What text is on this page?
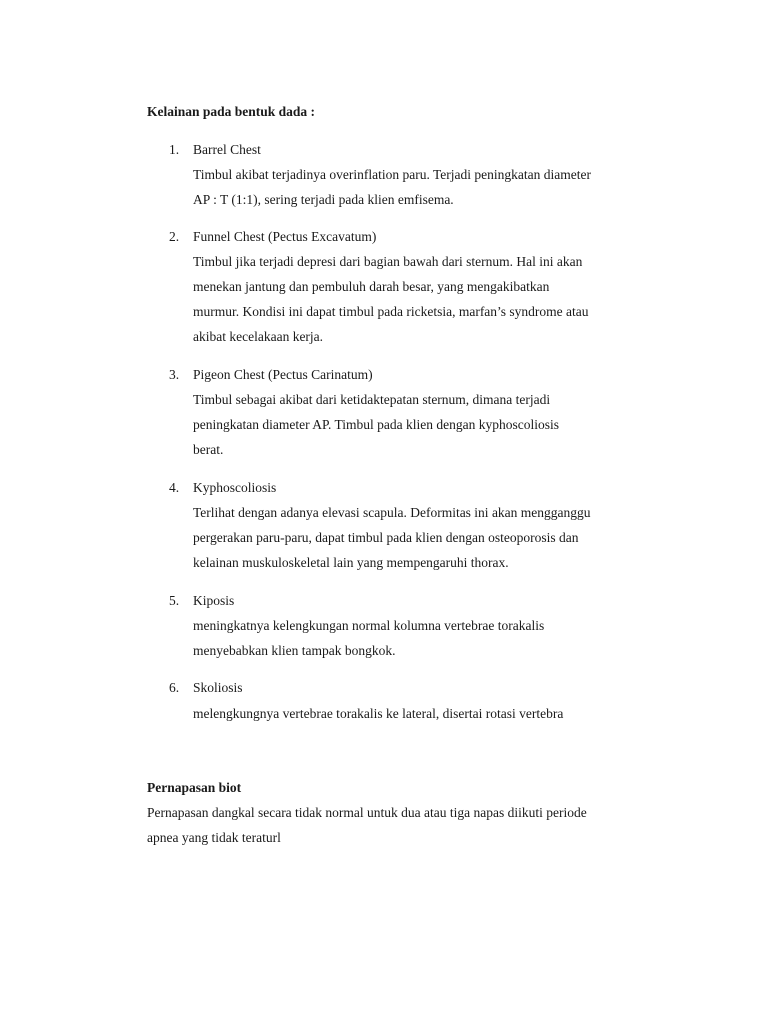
Kelainan pada bentuk dada :
1. Barrel Chest
Timbul akibat terjadinya overinflation paru. Terjadi peningkatan diameter
AP : T (1:1), sering terjadi pada klien emfisema.
2. Funnel Chest (Pectus Excavatum)
Timbul jika terjadi depresi dari bagian bawah dari sternum. Hal ini akan
menekan jantung dan pembuluh darah besar, yang mengakibatkan
murmur. Kondisi ini dapat timbul pada ricketsia, marfan’s syndrome atau
akibat kecelakaan kerja.
3. Pigeon Chest (Pectus Carinatum)
Timbul sebagai akibat dari ketidaktepatan sternum, dimana terjadi
peningkatan diameter AP. Timbul pada klien dengan kyphoscoliosis
berat.
4. Kyphoscoliosis
Terlihat dengan adanya elevasi scapula. Deformitas ini akan mengganggu
pergerakan paru-paru, dapat timbul pada klien dengan osteoporosis dan
kelainan muskuloskeletal lain yang mempengaruhi thorax.
5. Kiposis
meningkatnya kelengkungan normal kolumna vertebrae torakalis
menyebabkan klien tampak bongkok.
6. Skoliosis
melengkungnya vertebrae torakalis ke lateral, disertai rotasi vertebra
Pernapasan biot
Pernapasan dangkal secara tidak normal untuk dua atau tiga napas diikuti periode
apnea yang tidak teraturl
